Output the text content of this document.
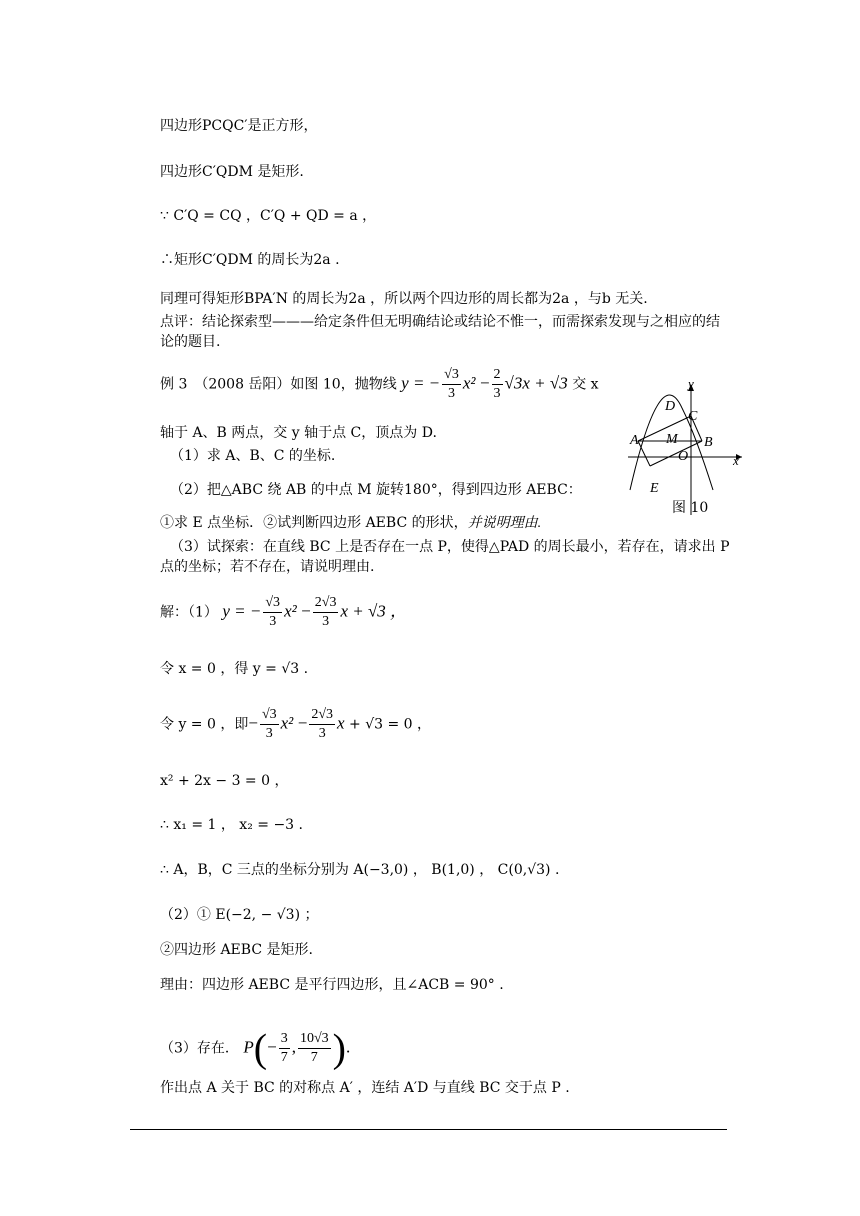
四边形PCQC′是正方形，
四边形C′QDM 是矩形.
∵ C′Q = CQ ，C′Q + QD = a ，
∴矩形C′QDM 的周长为2a .
同理可得矩形BPA′N 的周长为2a ，所以两个四边形的周长都为2a ，与b 无关.
点评：结论探索型———给定条件但无明确结论或结论不惟一，而需探索发现与之相应的结论的题目.
例 3　（2008 岳阳）如图 10，抛物线 y = − $\frac{√3}{3} x^2 - \frac{2}{3} √3x + √3$ 交 x
轴于 A、B 两点，交 y 轴于点 C，顶点为 D.
（1）求 A、B、C 的坐标.
（2）把△ABC 绕 AB 的中点 M 旋转180°，得到四边形 AEBC：
①求 E 点坐标．②试判断四边形 AEBC 的形状，并说明理由.
（3）试探索：在直线 BC 上是否存在一点 P，使得△PAD 的周长最小，若存在，请求出 P 点的坐标；若不存在，请说明理由.
解：（1） y = − $\frac{√3}{3} x^2 - \frac{2√3}{3}$ x + √3 ，
令 x = 0 ，得 y = √3 .
令 y = 0 ，即− $\frac{√3}{3} x^2 - \frac{2√3}{3}$ x + √3 = 0 ，
x² + 2x − 3 = 0 ，
∴ x₁ = 1 ， x₂ = −3 .
∴ A，B，C 三点的坐标分别为 A(−3,0) ， B(1,0) ， C(0,√3) .
（2）① E(−2, − √3) ；
②四边形 AEBC 是矩形.
理由：四边形 AEBC 是平行四边形，且∠ACB = 90° .
（3）存在． $P(- \frac{3}{7}$ , $\frac{10√3}{7}$ ).
作出点 A 关于 BC 的对称点 A′ ，连结 A′D 与直线 BC 交于点 P .
y
x
D
C
A M B
O
E
图 10
